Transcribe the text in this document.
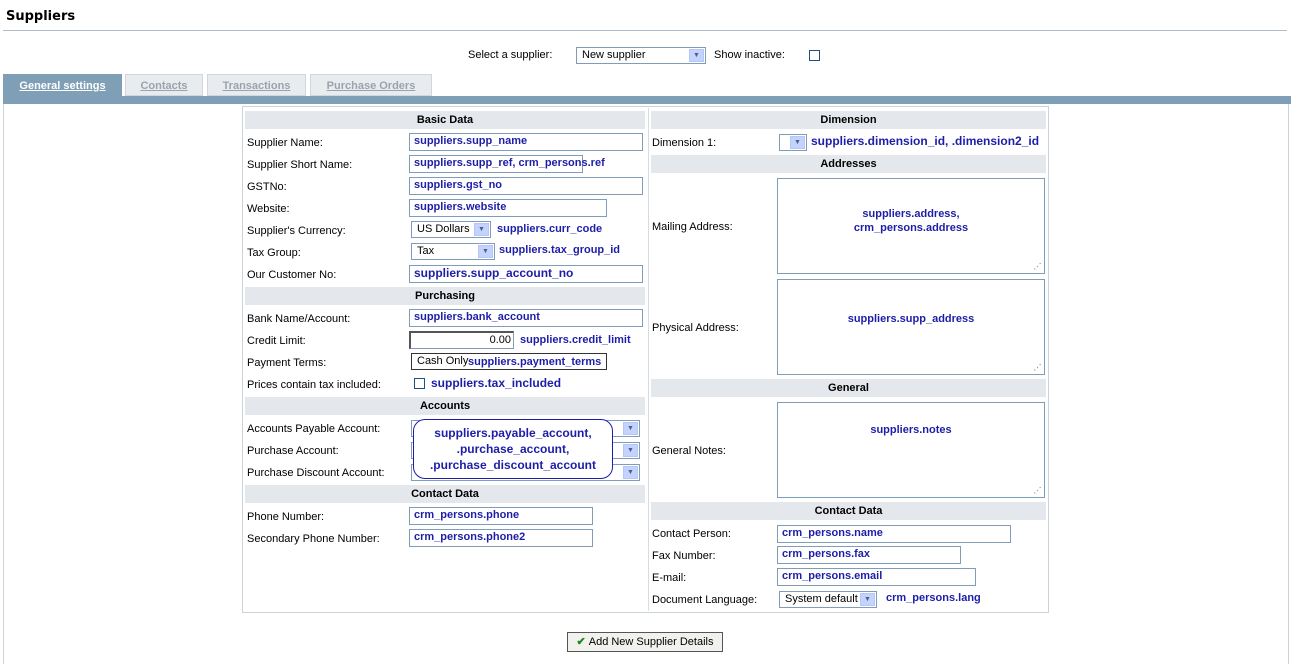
Suppliers
Select a supplier:	New supplier	▼	Show inactive:
General settings	Contacts	Transactions	Purchase Orders
Basic Data
Supplier Name:	suppliers.supp_name
Supplier Short Name:	suppliers.supp_ref, crm_persons.ref
GSTNo:	suppliers.gst_no
Website:	suppliers.website
Supplier's Currency:	US Dollars	▼	suppliers.curr_code
Tax Group:	Tax	▼ suppliers.tax_group_id
Our Customer No:	suppliers.supp_account_no
Purchasing
Bank Name/Account:	suppliers.bank_account
Credit Limit:	0.00 suppliers.credit_limit
Payment Terms:	Cash Only suppliers.payment_terms
Prices contain tax included:	suppliers.tax_included
Accounts
Accounts Payable Account:	▼
Purchase Account:	▼
Purchase Discount Account:	▼
suppliers.payable_account,
.purchase_account,
.purchase_discount_account
Contact Data
Phone Number:	crm_persons.phone
Secondary Phone Number:	crm_persons.phone2
Dimension
Dimension 1:	▼ suppliers.dimension_id, .dimension2_id
Addresses
Mailing Address:
suppliers.address,
crm_persons.address
⋰
Physical Address:
suppliers.supp_address
⋰
General
General Notes:
suppliers.notes
⋰
Contact Data
Contact Person:	crm_persons.name
Fax Number:	crm_persons.fax
E-mail:	crm_persons.email
Document Language:	System default ▼	crm_persons.lang
✔ Add New Supplier Details
